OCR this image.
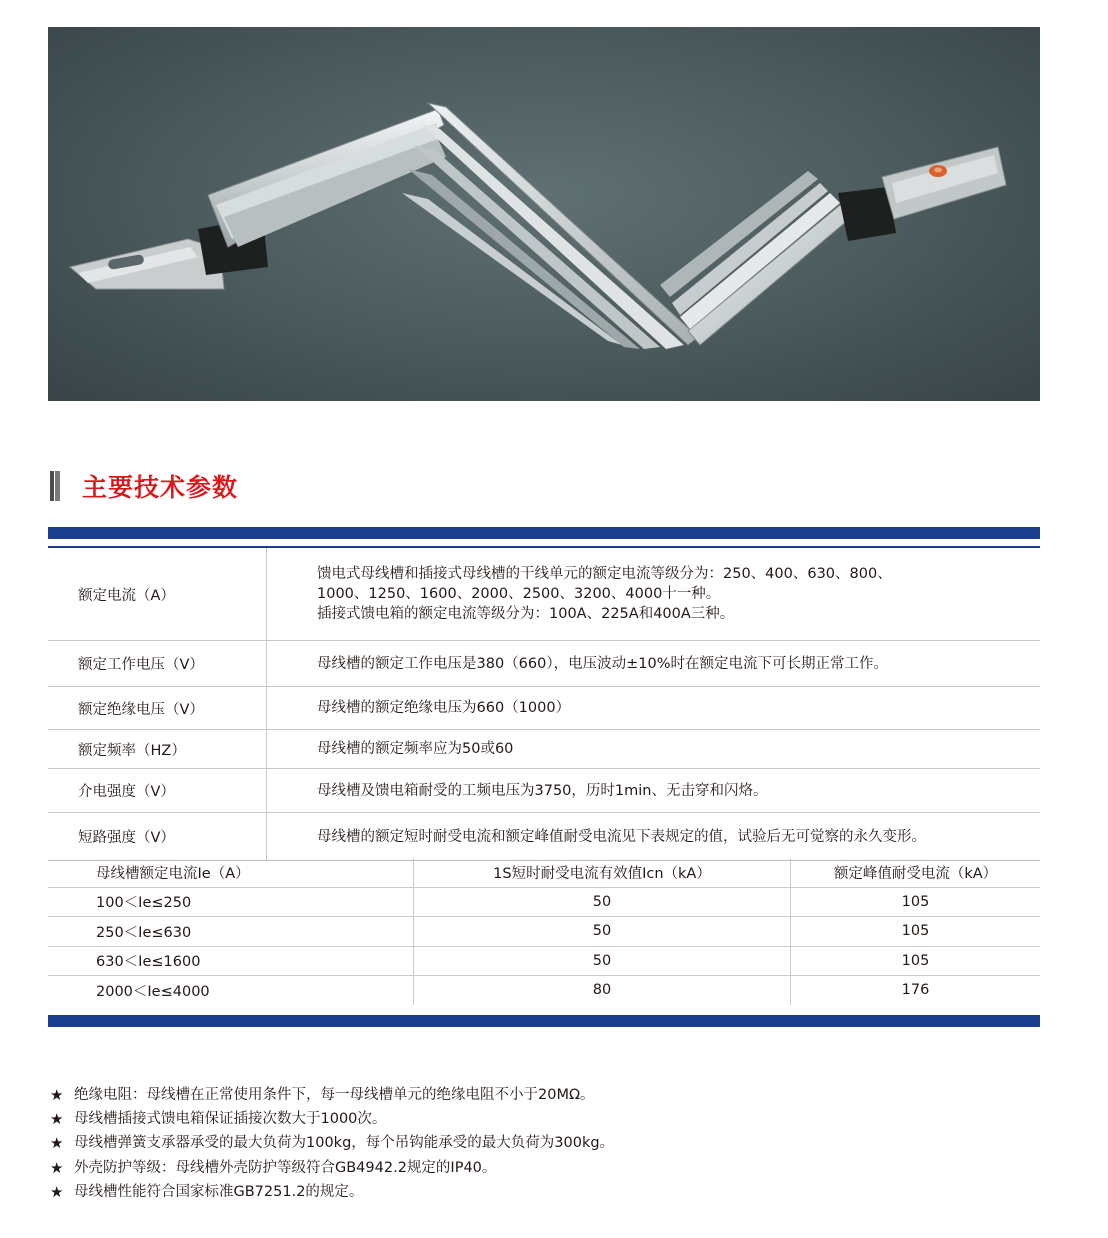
主要技术参数
额定电流（A）	馈电式母线槽和插接式母线槽的干线单元的额定电流等级分为：250、400、630、800、
1000、1250、1600、2000、2500、3200、4000十一种。
插接式馈电箱的额定电流等级分为：100A、225A和400A三种。

额定工作电压（V）	母线槽的额定工作电压是380（660），电压波动±10%时在额定电流下可长期正常工作。
额定绝缘电压（V）	母线槽的额定绝缘电压为660（1000）
额定频率（HZ）	母线槽的额定频率应为50或60
介电强度（V）	母线槽及馈电箱耐受的工频电压为3750，历时1min、无击穿和闪烙。
短路强度（V）	母线槽的额定短时耐受电流和额定峰值耐受电流见下表规定的值，试验后无可觉察的永久变形。
母线槽额定电流Ie（A）	1S短时耐受电流有效值Icn（kA）	额定峰值耐受电流（kA）
100＜Ie≤250	50	105
250＜Ie≤630	50	105
630＜Ie≤1600	50	105
2000＜Ie≤4000	80	176
★ 绝缘电阻：母线槽在正常使用条件下，每一母线槽单元的绝缘电阻不小于20MΩ。
★ 母线槽插接式馈电箱保证插接次数大于1000次。
★ 母线槽弹簧支承器承受的最大负荷为100kg，每个吊钩能承受的最大负荷为300kg。
★ 外壳防护等级：母线槽外壳防护等级符合GB4942.2规定的IP40。
★ 母线槽性能符合国家标准GB7251.2的规定。
